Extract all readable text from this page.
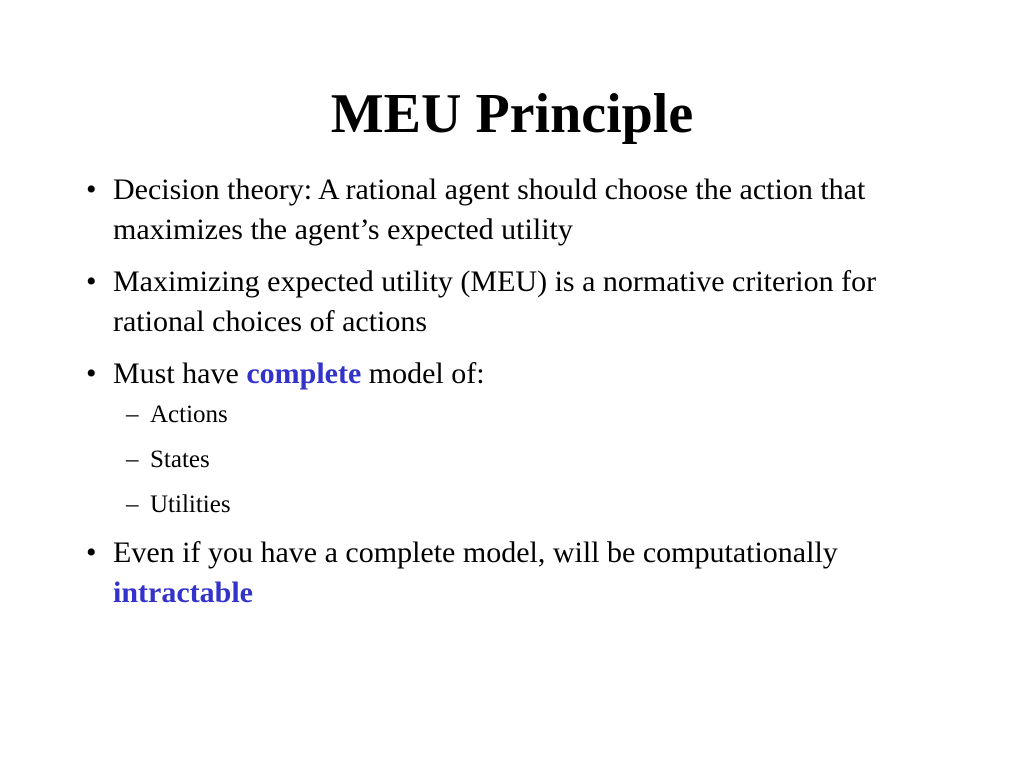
MEU Principle
• Decision theory: A rational agent should choose the action that maximizes the agent’s expected utility
• Maximizing expected utility (MEU) is a normative criterion for rational choices of actions
• Must have complete model of:
– Actions
– States
– Utilities
• Even if you have a complete model, will be computationally intractable
